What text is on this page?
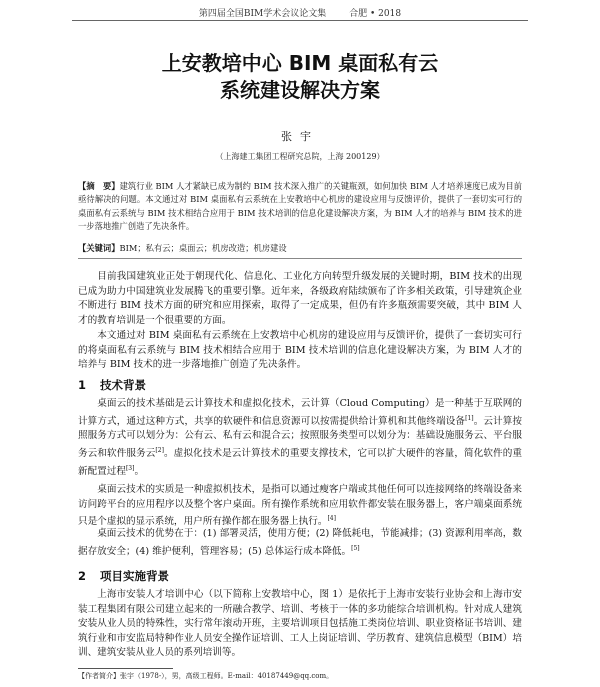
第四届全国BIM学术会议论文集	合肥 • 2018
上安教培中心 BIM 桌面私有云
系统建设解决方案
张宇
（上海建工集团工程研究总院，上海 200129）
【摘　要】建筑行业 BIM 人才紧缺已成为制约 BIM 技术深入推广的关键瓶颈，如何加快 BIM 人才培养速度已成为目前亟待解决的问题。本文通过对 BIM 桌面私有云系统在上安教培中心机房的建设应用与反馈评价，提供了一套切实可行的桌面私有云系统与 BIM 技术相结合应用于 BIM 技术培训的信息化建设解决方案，为 BIM 人才的培养与 BIM 技术的进一步落地推广创造了先决条件。
【关键词】BIM；私有云；桌面云；机房改造；机房建设

目前我国建筑业正处于朝现代化、信息化、工业化方向转型升级发展的关键时期，BIM 技术的出现已成为助力中国建筑业发展腾飞的重要引擎。近年来，各级政府陆续颁布了许多相关政策，引导建筑企业不断进行 BIM 技术方面的研究和应用探索，取得了一定成果，但仍有许多瓶颈需要突破，其中 BIM 人才的教育培训是一个很重要的方面。

本文通过对 BIM 桌面私有云系统在上安教培中心机房的建设应用与反馈评价，提供了一套切实可行的将桌面私有云系统与 BIM 技术相结合应用于 BIM 技术培训的信息化建设解决方案，为 BIM 人才的培养与 BIM 技术的进一步落地推广创造了先决条件。

1 技术背景

桌面云的技术基础是云计算技术和虚拟化技术，云计算（Cloud Computing）是一种基于互联网的计算方式，通过这种方式，共享的软硬件和信息资源可以按需提供给计算机和其他终端设备[1]。云计算按照服务方式可以划分为：公有云、私有云和混合云；按照服务类型可以划分为：基础设施服务云、平台服务云和软件服务云[2]。虚拟化技术是云计算技术的重要支撑技术，它可以扩大硬件的容量，简化软件的重新配置过程[3]。

桌面云技术的实质是一种虚拟机技术，是指可以通过瘦客户端或其他任何可以连接网络的终端设备来访问跨平台的应用程序以及整个客户桌面。所有操作系统和应用软件都安装在服务器上，客户端桌面系统只是个虚拟的显示系统，用户所有操作都在服务器上执行。[4]

桌面云技术的优势在于：(1) 部署灵活，使用方便；(2) 降低耗电，节能减排；(3) 资源利用率高，数据存放安全；(4) 维护便利，管理容易；(5) 总体运行成本降低。[5]

2 项目实施背景

上海市安装人才培训中心（以下简称上安教培中心，图 1）是依托于上海市安装行业协会和上海市安装工程集团有限公司建立起来的一所融合教学、培训、考核于一体的多功能综合培训机构。针对成人建筑安装从业人员的特殊性，实行常年滚动开班，主要培训项目包括施工类岗位培训、职业资格证书培训、建筑行业和市安监局特种作业人员安全操作证培训、工人上岗证培训、学历教育、建筑信息模型（BIM）培训、建筑安装从业人员的系列培训等。

【作者简介】张宇（1978-），男，高级工程师。E-mail：40187449@qq.com。
